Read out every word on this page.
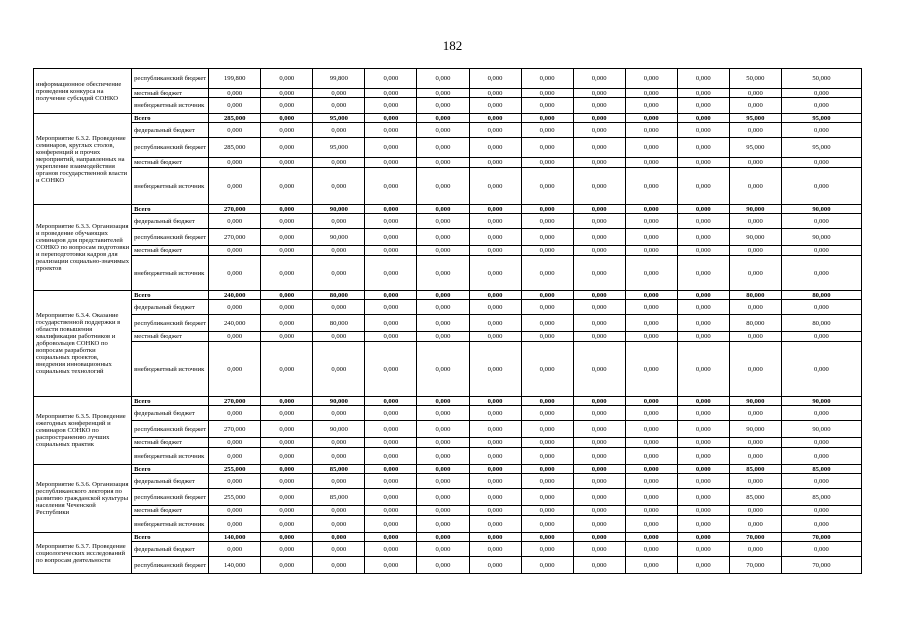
182
информационное обеспечение проведения конкурса на получение субсидий СОНКО	республиканский бюджет	199,800	0,000	99,800	0,000	0,000	0,000	0,000	0,000	0,000	0,000	50,000	50,000
	местный бюджет	0,000	0,000	0,000	0,000	0,000	0,000	0,000	0,000	0,000	0,000	0,000	0,000
	внебюджетный источник	0,000	0,000	0,000	0,000	0,000	0,000	0,000	0,000	0,000	0,000	0,000	0,000
Мероприятие 6.3.2. Проведение семинаров, круглых столов, конференций и прочих мероприятий, направленных на укрепление взаимодействия органов государственной власти и СОНКО	Всего	285,000	0,000	95,000	0,000	0,000	0,000	0,000	0,000	0,000	0,000	95,000	95,000
	федеральный бюджет	0,000	0,000	0,000	0,000	0,000	0,000	0,000	0,000	0,000	0,000	0,000	0,000
	республиканский бюджет	285,000	0,000	95,000	0,000	0,000	0,000	0,000	0,000	0,000	0,000	95,000	95,000
	местный бюджет	0,000	0,000	0,000	0,000	0,000	0,000	0,000	0,000	0,000	0,000	0,000	0,000
	внебюджетный источник	0,000	0,000	0,000	0,000	0,000	0,000	0,000	0,000	0,000	0,000	0,000	0,000
Мероприятие 6.3.3. Организация и проведение обучающих семинаров для представителей СОНКО по вопросам подготовки и переподготовки кадров для реализации социально-значимых проектов	Всего	270,000	0,000	90,000	0,000	0,000	0,000	0,000	0,000	0,000	0,000	90,000	90,000
	федеральный бюджет	0,000	0,000	0,000	0,000	0,000	0,000	0,000	0,000	0,000	0,000	0,000	0,000
	республиканский бюджет	270,000	0,000	90,000	0,000	0,000	0,000	0,000	0,000	0,000	0,000	90,000	90,000
	местный бюджет	0,000	0,000	0,000	0,000	0,000	0,000	0,000	0,000	0,000	0,000	0,000	0,000
	внебюджетный источник	0,000	0,000	0,000	0,000	0,000	0,000	0,000	0,000	0,000	0,000	0,000	0,000
Мероприятие 6.3.4. Оказание государственной поддержки в области повышения квалификации работников и добровольцев СОНКО по вопросам разработки социальных проектов, внедрения инновационных социальных технологий	Всего	240,000	0,000	80,000	0,000	0,000	0,000	0,000	0,000	0,000	0,000	80,000	80,000
	федеральный бюджет	0,000	0,000	0,000	0,000	0,000	0,000	0,000	0,000	0,000	0,000	0,000	0,000
	республиканский бюджет	240,000	0,000	80,000	0,000	0,000	0,000	0,000	0,000	0,000	0,000	80,000	80,000
	местный бюджет	0,000	0,000	0,000	0,000	0,000	0,000	0,000	0,000	0,000	0,000	0,000	0,000
	внебюджетный источник	0,000	0,000	0,000	0,000	0,000	0,000	0,000	0,000	0,000	0,000	0,000	0,000
Мероприятие 6.3.5. Проведение ежегодных конференций и семинаров СОНКО по распространению лучших социальных практик	Всего	270,000	0,000	90,000	0,000	0,000	0,000	0,000	0,000	0,000	0,000	90,000	90,000
	федеральный бюджет	0,000	0,000	0,000	0,000	0,000	0,000	0,000	0,000	0,000	0,000	0,000	0,000
	республиканский бюджет	270,000	0,000	90,000	0,000	0,000	0,000	0,000	0,000	0,000	0,000	90,000	90,000
	местный бюджет	0,000	0,000	0,000	0,000	0,000	0,000	0,000	0,000	0,000	0,000	0,000	0,000
	внебюджетный источник	0,000	0,000	0,000	0,000	0,000	0,000	0,000	0,000	0,000	0,000	0,000	0,000
Мероприятие 6.3.6. Организация республиканского лектория по развитию гражданской культуры населения Чеченской Республики	Всего	255,000	0,000	85,000	0,000	0,000	0,000	0,000	0,000	0,000	0,000	85,000	85,000
	федеральный бюджет	0,000	0,000	0,000	0,000	0,000	0,000	0,000	0,000	0,000	0,000	0,000	0,000
	республиканский бюджет	255,000	0,000	85,000	0,000	0,000	0,000	0,000	0,000	0,000	0,000	85,000	85,000
	местный бюджет	0,000	0,000	0,000	0,000	0,000	0,000	0,000	0,000	0,000	0,000	0,000	0,000
	внебюджетный источник	0,000	0,000	0,000	0,000	0,000	0,000	0,000	0,000	0,000	0,000	0,000	0,000
Мероприятие 6.3.7. Проведение социологических исследований по вопросам деятельности	Всего	140,000	0,000	0,000	0,000	0,000	0,000	0,000	0,000	0,000	0,000	70,000	70,000
	федеральный бюджет	0,000	0,000	0,000	0,000	0,000	0,000	0,000	0,000	0,000	0,000	0,000	0,000
	республиканский бюджет	140,000	0,000	0,000	0,000	0,000	0,000	0,000	0,000	0,000	0,000	70,000	70,000
